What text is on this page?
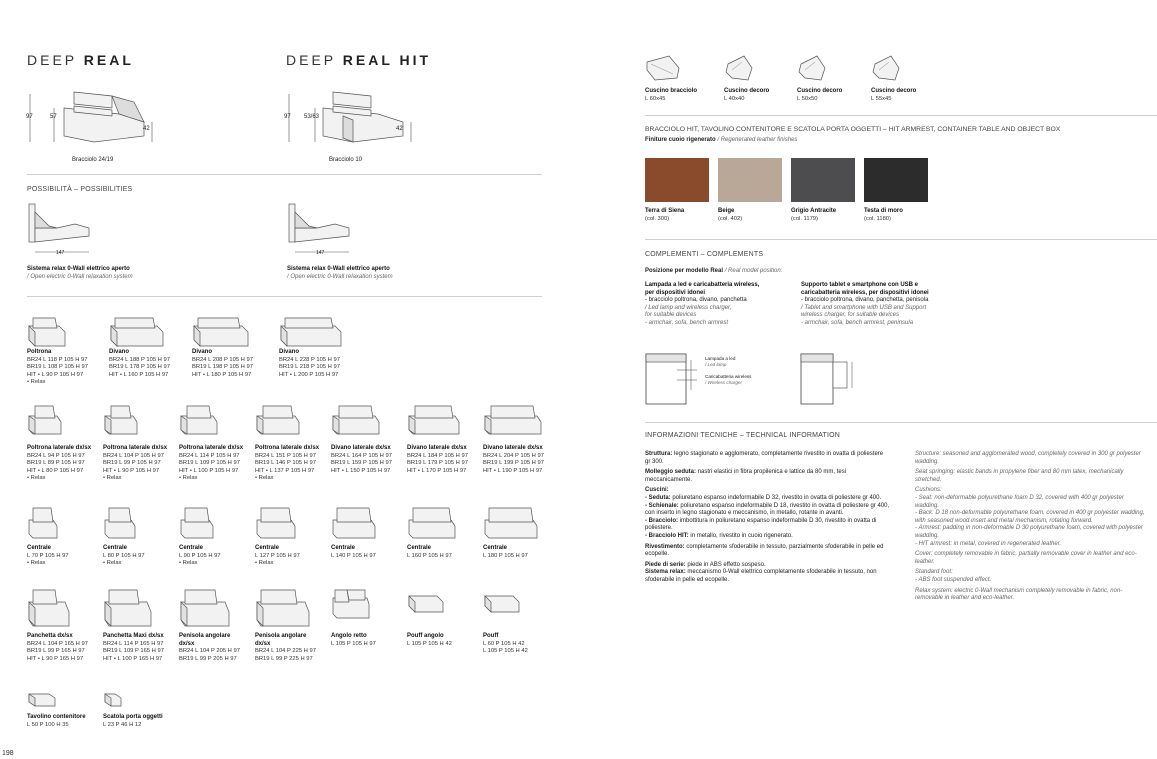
DEEP REAL	DEEP REAL HIT
97	57
42
Bracciolo 24/19
97 53/63
42
Bracciolo 10
POSSIBILITÀ – POSSIBILITIES
147
Sistema relax 0-Wall elettrico aperto
/ Open electric 0-Wall relaxation system
147
Sistema relax 0-Wall elettrico aperto
/ Open electric 0-Wall relaxation system
Poltrona
BR24 L 118 P 105 H 97
BR19 L 108 P 105 H 97
HIT • L 90 P 105 H 97
• Relax
Divano
BR24 L 188 P 105 H 97
BR19 L 178 P 105 H 97
HIT • L 160 P 105 H 97
Divano
BR24 L 208 P 105 H 97
BR19 L 198 P 105 H 97
HIT • L 180 P 105 H 97
Divano
BR24 L 228 P 105 H 97
BR19 L 218 P 105 H 97
HIT • L 200 P 105 H 97
Poltrona laterale dx/sx
BR24 L 94 P 105 H 97
BR19 L 89 P 105 H 97
HIT • L 80 P 105 H 97
• Relax
Poltrona laterale dx/sx
BR24 L 104 P 105 H 97
BR19 L 99 P 105 H 97
HIT • L 90 P 105 H 97
• Relax
Poltrona laterale dx/sx
BR24 L 114 P 105 H 97
BR19 L 109 P 105 H 97
HIT • L 100 P 105 H 97
• Relax
Poltrona laterale dx/sx
BR24 L 151 P 105 H 97
BR19 L 146 P 105 H 97
HIT • L 137 P 105 H 97
• Relax
Divano laterale dx/sx
BR24 L 164 P 105 H 97
BR19 L 159 P 105 H 97
HIT • L 150 P 105 H 97
Divano laterale dx/sx
BR24 L 184 P 105 H 97
BR19 L 179 P 105 H 97
HIT • L 170 P 105 H 97
Divano laterale dx/sx
BR24 L 204 P 105 H 97
BR19 L 199 P 105 H 97
HIT • L 190 P 105 H 97
Centrale
L 70 P 105 H 97
• Relax
Centrale
L 80 P 105 H 97
• Relax
Centrale
L 90 P 105 H 97
• Relax
Centrale
L 127 P 105 H 97
• Relax
Centrale
L 140 P 105 H 97
Centrale
L 160 P 105 H 97
Centrale
L 180 P 105 H 97
Panchetta dx/sx
BR24 L 104 P 165 H 97
BR19 L 99 P 165 H 97
HIT • L 90 P 165 H 97
Panchetta Maxi dx/sx
BR24 L 114 P 165 H 97
BR19 L 109 P 165 H 97
HIT • L 100 P 165 H 97
Penisola angolare
dx/sx
BR24 L 104 P 205 H 97
BR19 L 99 P 205 H 97
Penisola angolare
dx/sx
BR24 L 104 P 225 H 97
BR19 L 99 P 225 H 97
Angolo retto
L 105 P 105 H 97
Pouff angolo
L 105 P 105 H 42
Pouff
L 60 P 105 H 42
L 105 P 105 H 42
Tavolino contenitore
L 50 P 100 H 35
Scatola porta oggetti
L 23 P 46 H 12
198
Cuscino bracciolo
L 60x45
Cuscino decoro
L 40x40
Cuscino decoro
L 50x50
Cuscino decoro
L 55x45
BRACCIOLO HIT, TAVOLINO CONTENITORE E SCATOLA PORTA OGGETTI – HIT ARMREST, CONTAINER TABLE AND OBJECT BOX
Finiture cuoio rigenerato / Regenerated leather finishes
Terra di Siena
(col. 300)
Beige
(col. 402)
Grigio Antracite
(col. 1179)
Testa di moro
(col. 1180)
COMPLEMENTI – COMPLEMENTS
Posizione per modello Real / Real model position:
Lampada a led e caricabatteria wireless,
per dispositivi idonei
- bracciolo poltrona, divano, panchetta
/ Led lamp and wireless charger,
for suitable devices
- armchair, sofa, bench armrest
Supporto tablet e smartphone con USB e
caricabatteria wireless, per dispositivi idonei
- bracciolo poltrona, divano, panchetta, penisola
/ Tablet and smartphone with USB and Support
wireless charger, for suitable devices
- armchair, sofa, bench armrest, peninsula
Lampada a led
/ Led lamp
Caricabatteria wireless
/ Wireless charger
INFORMAZIONI TECNICHE – TECHNICAL INFORMATION
Struttura: legno stagionato e agglomerato, completamente rivestito in ovatta di poliestere gr 300.
Molleggio seduta: nastri elastici in fibra propilenica e lattice da 80 mm, tesi meccanicamente.
Cuscini:
- Seduta: poliuretano espanso indeformabile D 32, rivestito in ovatta di poliestere gr 400.
- Schienale: poliuretano espanso indeformabile D 18, rivestito in ovatta di poliestere gr 400, con inserto in legno stagionato e meccanismo, in metallo, rotante in avanti.
- Bracciolo: imbottitura in poliuretano espanso indeformabile D 30, rivestito in ovatta di poliestere.
- Bracciolo HIT: in metallo, rivestito in cuoio rigenerato.
Rivestimento: completamente sfoderabile in tessuto, parzialmente sfoderabile in pelle ed ecopelle.
Piede di serie: piede in ABS effetto sospeso.
Sistema relax: meccanismo 0-Wall elettrico completamente sfoderabile in tessuto, non sfoderabile in pelle ed ecopelle.
Structure: seasoned and agglomerated wood, completely covered in 300 gr polyester wadding.
Seat springing: elastic bands in propylene fiber and 80 mm latex, mechanically stretched.
Cushions:
- Seat: non-deformable polyurethane foam D 32, covered with 400 gr polyester wadding.
- Back: D 18 non-deformable polyurethane foam, covered in 400 gr polyester wadding, with seasoned wood insert and metal mechanism, rotating forward.
- Armrest: padding in non-deformable D 30 polyurethane foam, covered with polyester wadding.
- HIT armrest: in metal, covered in regenerated leather.
Cover: completely removable in fabric, partially removable cover in leather and eco-leather.
Standard foot:
- ABS foot suspended effect.
Relax system: electric 0-Wall mechanism completely removable in fabric, non-removable in leather and eco-leather.
